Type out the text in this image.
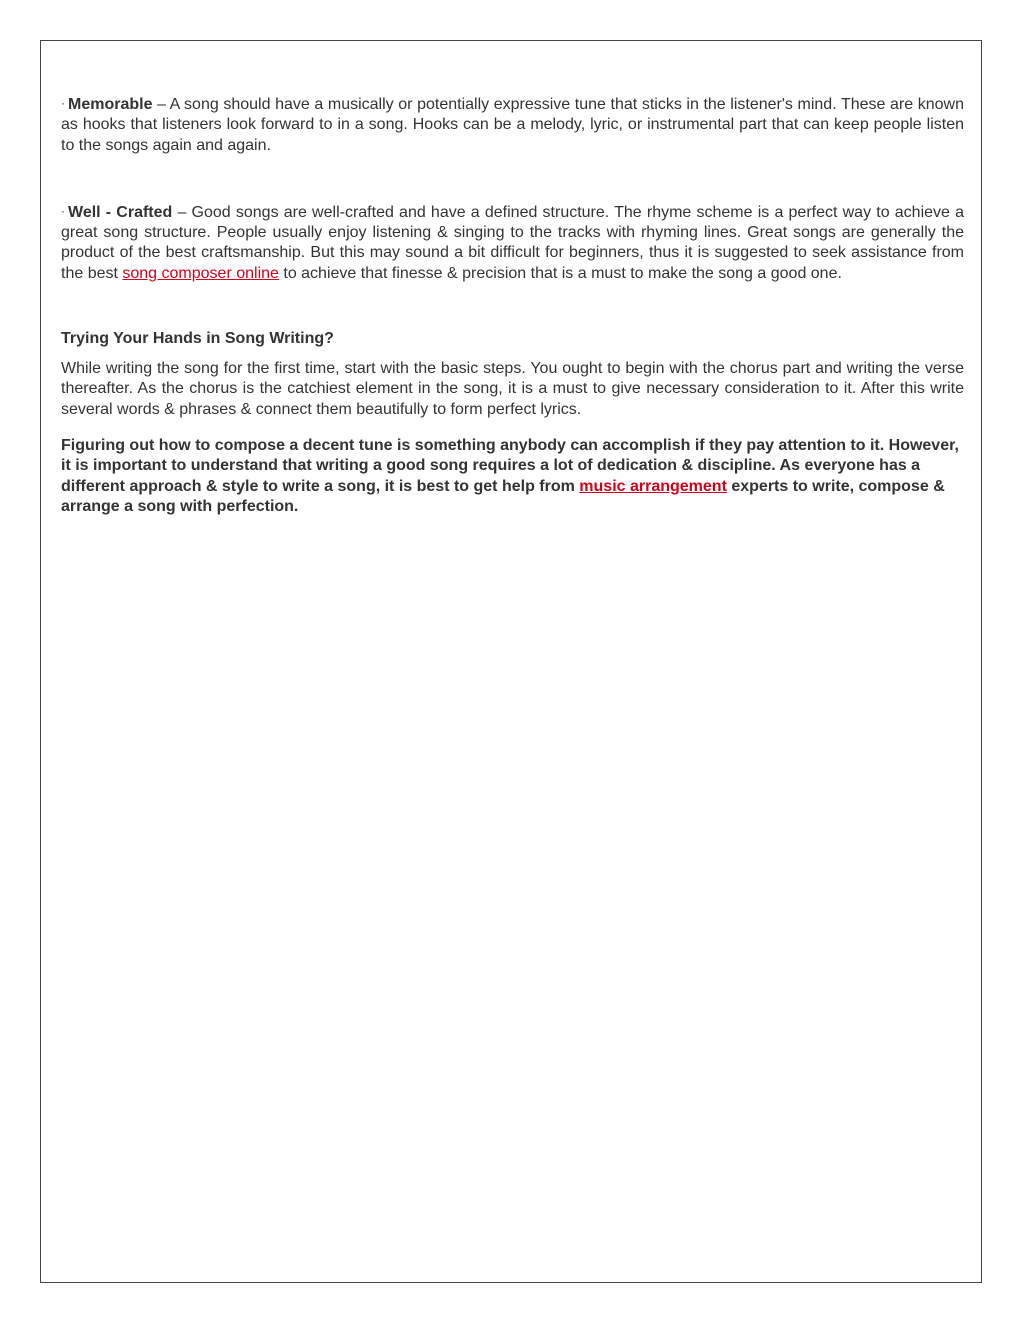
· Memorable – A song should have a musically or potentially expressive tune that sticks in the listener's mind. These are known as hooks that listeners look forward to in a song. Hooks can be a melody, lyric, or instrumental part that can keep people listen to the songs again and again.

· Well - Crafted – Good songs are well-crafted and have a defined structure. The rhyme scheme is a perfect way to achieve a great song structure. People usually enjoy listening & singing to the tracks with rhyming lines. Great songs are generally the product of the best craftsmanship. But this may sound a bit difficult for beginners, thus it is suggested to seek assistance from the best song composer online to achieve that finesse & precision that is a must to make the song a good one.

Trying Your Hands in Song Writing?

While writing the song for the first time, start with the basic steps. You ought to begin with the chorus part and writing the verse thereafter. As the chorus is the catchiest element in the song, it is a must to give necessary consideration to it. After this write several words & phrases & connect them beautifully to form perfect lyrics.

Figuring out how to compose a decent tune is something anybody can accomplish if they pay attention to it. However, it is important to understand that writing a good song requires a lot of dedication & discipline. As everyone has a different approach & style to write a song, it is best to get help from music arrangement experts to write, compose & arrange a song with perfection.
